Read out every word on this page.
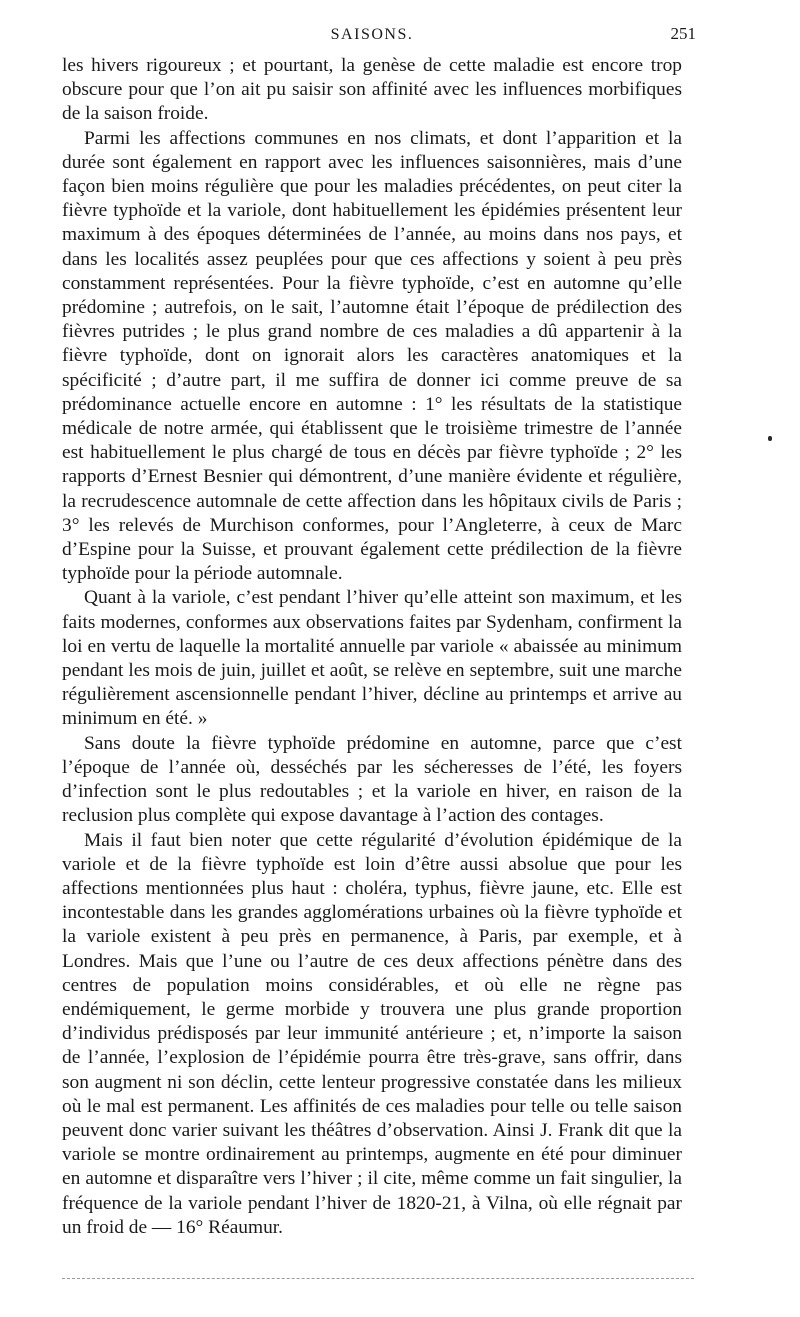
SAISONS.	251

les hivers rigoureux ; et pourtant, la genèse de cette maladie est encore trop obscure pour que l’on ait pu saisir son affinité avec les influences morbifiques de la saison froide.

Parmi les affections communes en nos climats, et dont l’apparition et la durée sont également en rapport avec les influences saisonnières, mais d’une façon bien moins régulière que pour les maladies précédentes, on peut citer la fièvre typhoïde et la variole, dont habituellement les épidémies présentent leur maximum à des époques déterminées de l’année, au moins dans nos pays, et dans les localités assez peuplées pour que ces affections y soient à peu près constamment représentées. Pour la fièvre typhoïde, c’est en automne qu’elle prédomine ; autrefois, on le sait, l’automne était l’époque de prédilection des fièvres putrides ; le plus grand nombre de ces maladies a dû appartenir à la fièvre typhoïde, dont on ignorait alors les caractères anatomiques et la spécificité ; d’autre part, il me suffira de donner ici comme preuve de sa prédominance actuelle encore en automne : 1° les résultats de la statistique médicale de notre armée, qui établissent que le troisième trimestre de l’année est habituellement le plus chargé de tous en décès par fièvre typhoïde ; 2° les rapports d’Ernest Besnier qui démontrent, d’une manière évidente et régulière, la recrudescence automnale de cette affection dans les hôpitaux civils de Paris ; 3° les relevés de Murchison conformes, pour l’Angleterre, à ceux de Marc d’Espine pour la Suisse, et prouvant également cette prédilection de la fièvre typhoïde pour la période automnale.

Quant à la variole, c’est pendant l’hiver qu’elle atteint son maximum, et les faits modernes, conformes aux observations faites par Sydenham, confirment la loi en vertu de laquelle la mortalité annuelle par variole « abaissée au minimum pendant les mois de juin, juillet et août, se relève en septembre, suit une marche régulièrement ascensionnelle pendant l’hiver, décline au printemps et arrive au minimum en été. »

Sans doute la fièvre typhoïde prédomine en automne, parce que c’est l’époque de l’année où, desséchés par les sécheresses de l’été, les foyers d’infection sont le plus redoutables ; et la variole en hiver, en raison de la reclusion plus complète qui expose davantage à l’action des contages.

Mais il faut bien noter que cette régularité d’évolution épidémique de la variole et de la fièvre typhoïde est loin d’être aussi absolue que pour les affections mentionnées plus haut : choléra, typhus, fièvre jaune, etc. Elle est incontestable dans les grandes agglomérations urbaines où la fièvre typhoïde et la variole existent à peu près en permanence, à Paris, par exemple, et à Londres. Mais que l’une ou l’autre de ces deux affections pénètre dans des centres de population moins considérables, et où elle ne règne pas endémiquement, le germe morbide y trouvera une plus grande proportion d’individus prédisposés par leur immunité antérieure ; et, n’importe la saison de l’année, l’explosion de l’épidémie pourra être très-grave, sans offrir, dans son augment ni son déclin, cette lenteur progressive constatée dans les milieux où le mal est permanent. Les affinités de ces maladies pour telle ou telle saison peuvent donc varier suivant les théâtres d’observation. Ainsi J. Frank dit que la variole se montre ordinairement au printemps, augmente en été pour diminuer en automne et disparaître vers l’hiver ; il cite, même comme un fait singulier, la fréquence de la variole pendant l’hiver de 1820-21, à Vilna, où elle régnait par un froid de — 16° Réaumur.
